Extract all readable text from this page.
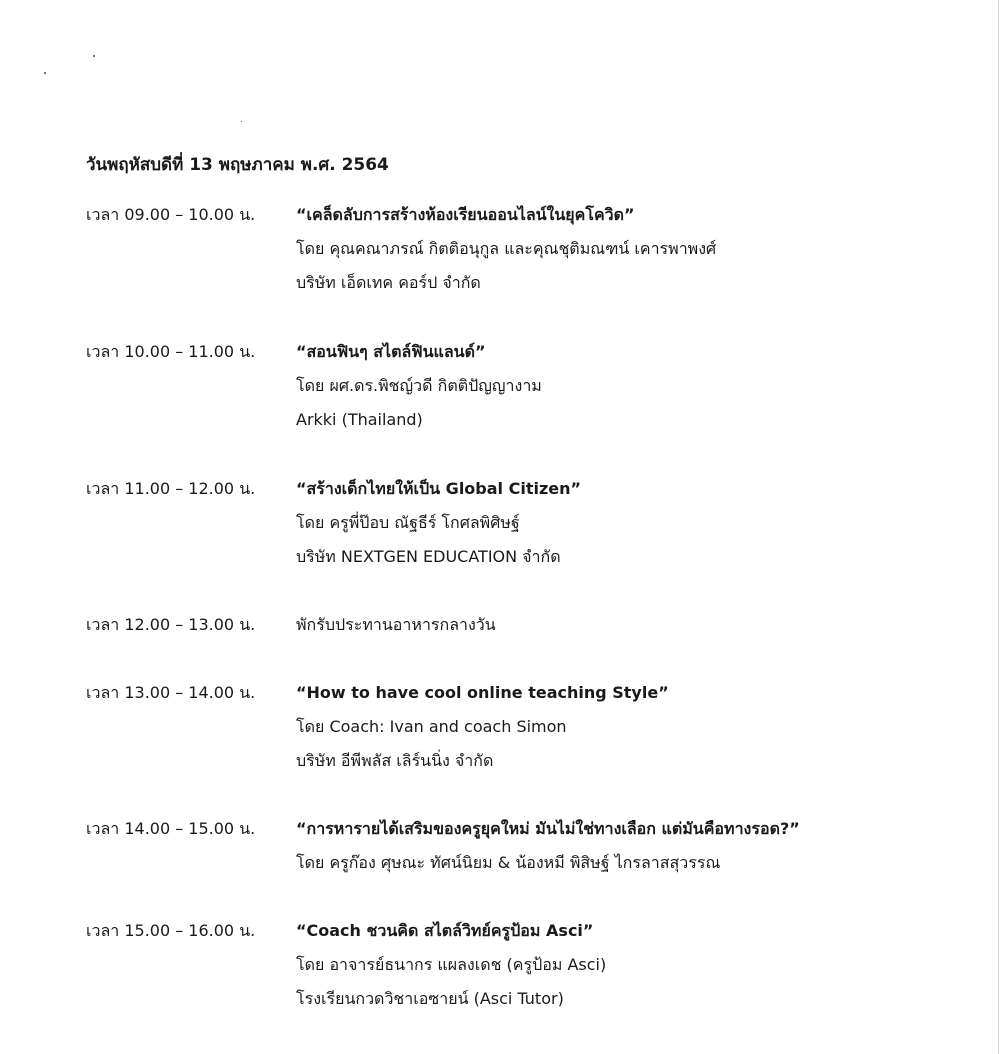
วันพฤหัสบดีที่ 13 พฤษภาคม พ.ศ. 2564
เวลา 09.00 – 10.00 น.	“เคล็ดลับการสร้างห้องเรียนออนไลน์ในยุคโควิด”
โดย คุณคณาภรณ์ กิตติอนุกูล และคุณชุติมณฑน์ เคารพาพงศ์
บริษัท เอ็ดเทค คอร์ป จำกัด
เวลา 10.00 – 11.00 น.	“สอนฟินๆ สไตล์ฟินแลนด์”
โดย ผศ.ดร.พิชญ์วดี กิตติปัญญางาม
Arkki (Thailand)
เวลา 11.00 – 12.00 น.	“สร้างเด็กไทยให้เป็น Global Citizen”
โดย ครูพี่ป๊อบ ณัฐธีร์ โกศลพิศิษฐ์
บริษัท NEXTGEN EDUCATION จำกัด
เวลา 12.00 – 13.00 น.	พักรับประทานอาหารกลางวัน
เวลา 13.00 – 14.00 น.	“How to have cool online teaching Style”
โดย Coach: Ivan and coach Simon
บริษัท อีพีพลัส เลิร์นนิ่ง จำกัด
เวลา 14.00 – 15.00 น.	“การหารายได้เสริมของครูยุคใหม่ มันไม่ใช่ทางเลือก แต่มันคือทางรอด?”
โดย ครูก๊อง ศุษณะ ทัศน์นิยม & น้องหมี พิสิษฐ์ ไกรลาสสุวรรณ
เวลา 15.00 – 16.00 น.	“Coach ชวนคิด สไตล์วิทย์ครูป้อม Asci”
โดย อาจารย์ธนากร แผลงเดช (ครูป้อม Asci)
โรงเรียนกวดวิชาเอซายน์ (Asci Tutor)
